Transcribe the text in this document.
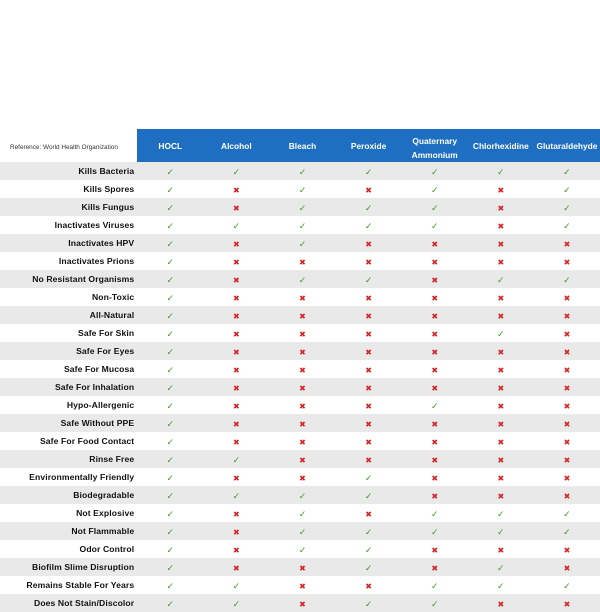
Reference: World Health Organization	HOCL	Alcohol	Bleach	Peroxide	Quaternary Ammonium	Chlorhexidine	Glutaraldehyde
Kills Bacteria	✓	✓	✓	✓	✓	✓	✓
Kills Spores	✓	✖	✓	✖	✓	✖	✓
Kills Fungus	✓	✖	✓	✓	✓	✖	✓
Inactivates Viruses	✓	✓	✓	✓	✓	✖	✓
Inactivates HPV	✓	✖	✓	✖	✖	✖	✖
Inactivates Prions	✓	✖	✖	✖	✖	✖	✖
No Resistant Organisms	✓	✖	✓	✓	✖	✓	✓
Non-Toxic	✓	✖	✖	✖	✖	✖	✖
All-Natural	✓	✖	✖	✖	✖	✖	✖
Safe For Skin	✓	✖	✖	✖	✖	✓	✖
Safe For Eyes	✓	✖	✖	✖	✖	✖	✖
Safe For Mucosa	✓	✖	✖	✖	✖	✖	✖
Safe For Inhalation	✓	✖	✖	✖	✖	✖	✖
Hypo-Allergenic	✓	✖	✖	✖	✓	✖	✖
Safe Without PPE	✓	✖	✖	✖	✖	✖	✖
Safe For Food Contact	✓	✖	✖	✖	✖	✖	✖
Rinse Free	✓	✓	✖	✖	✖	✖	✖
Environmentally Friendly	✓	✖	✖	✓	✖	✖	✖
Biodegradable	✓	✓	✓	✓	✖	✖	✖
Not Explosive	✓	✖	✓	✖	✓	✓	✓
Not Flammable	✓	✖	✓	✓	✓	✓	✓
Odor Control	✓	✖	✓	✓	✖	✖	✖
Biofilm Slime Disruption	✓	✖	✖	✓	✖	✓	✖
Remains Stable For Years	✓	✓	✖	✖	✓	✓	✓
Does Not Stain/Discolor	✓	✓	✖	✓	✓	✖	✖
